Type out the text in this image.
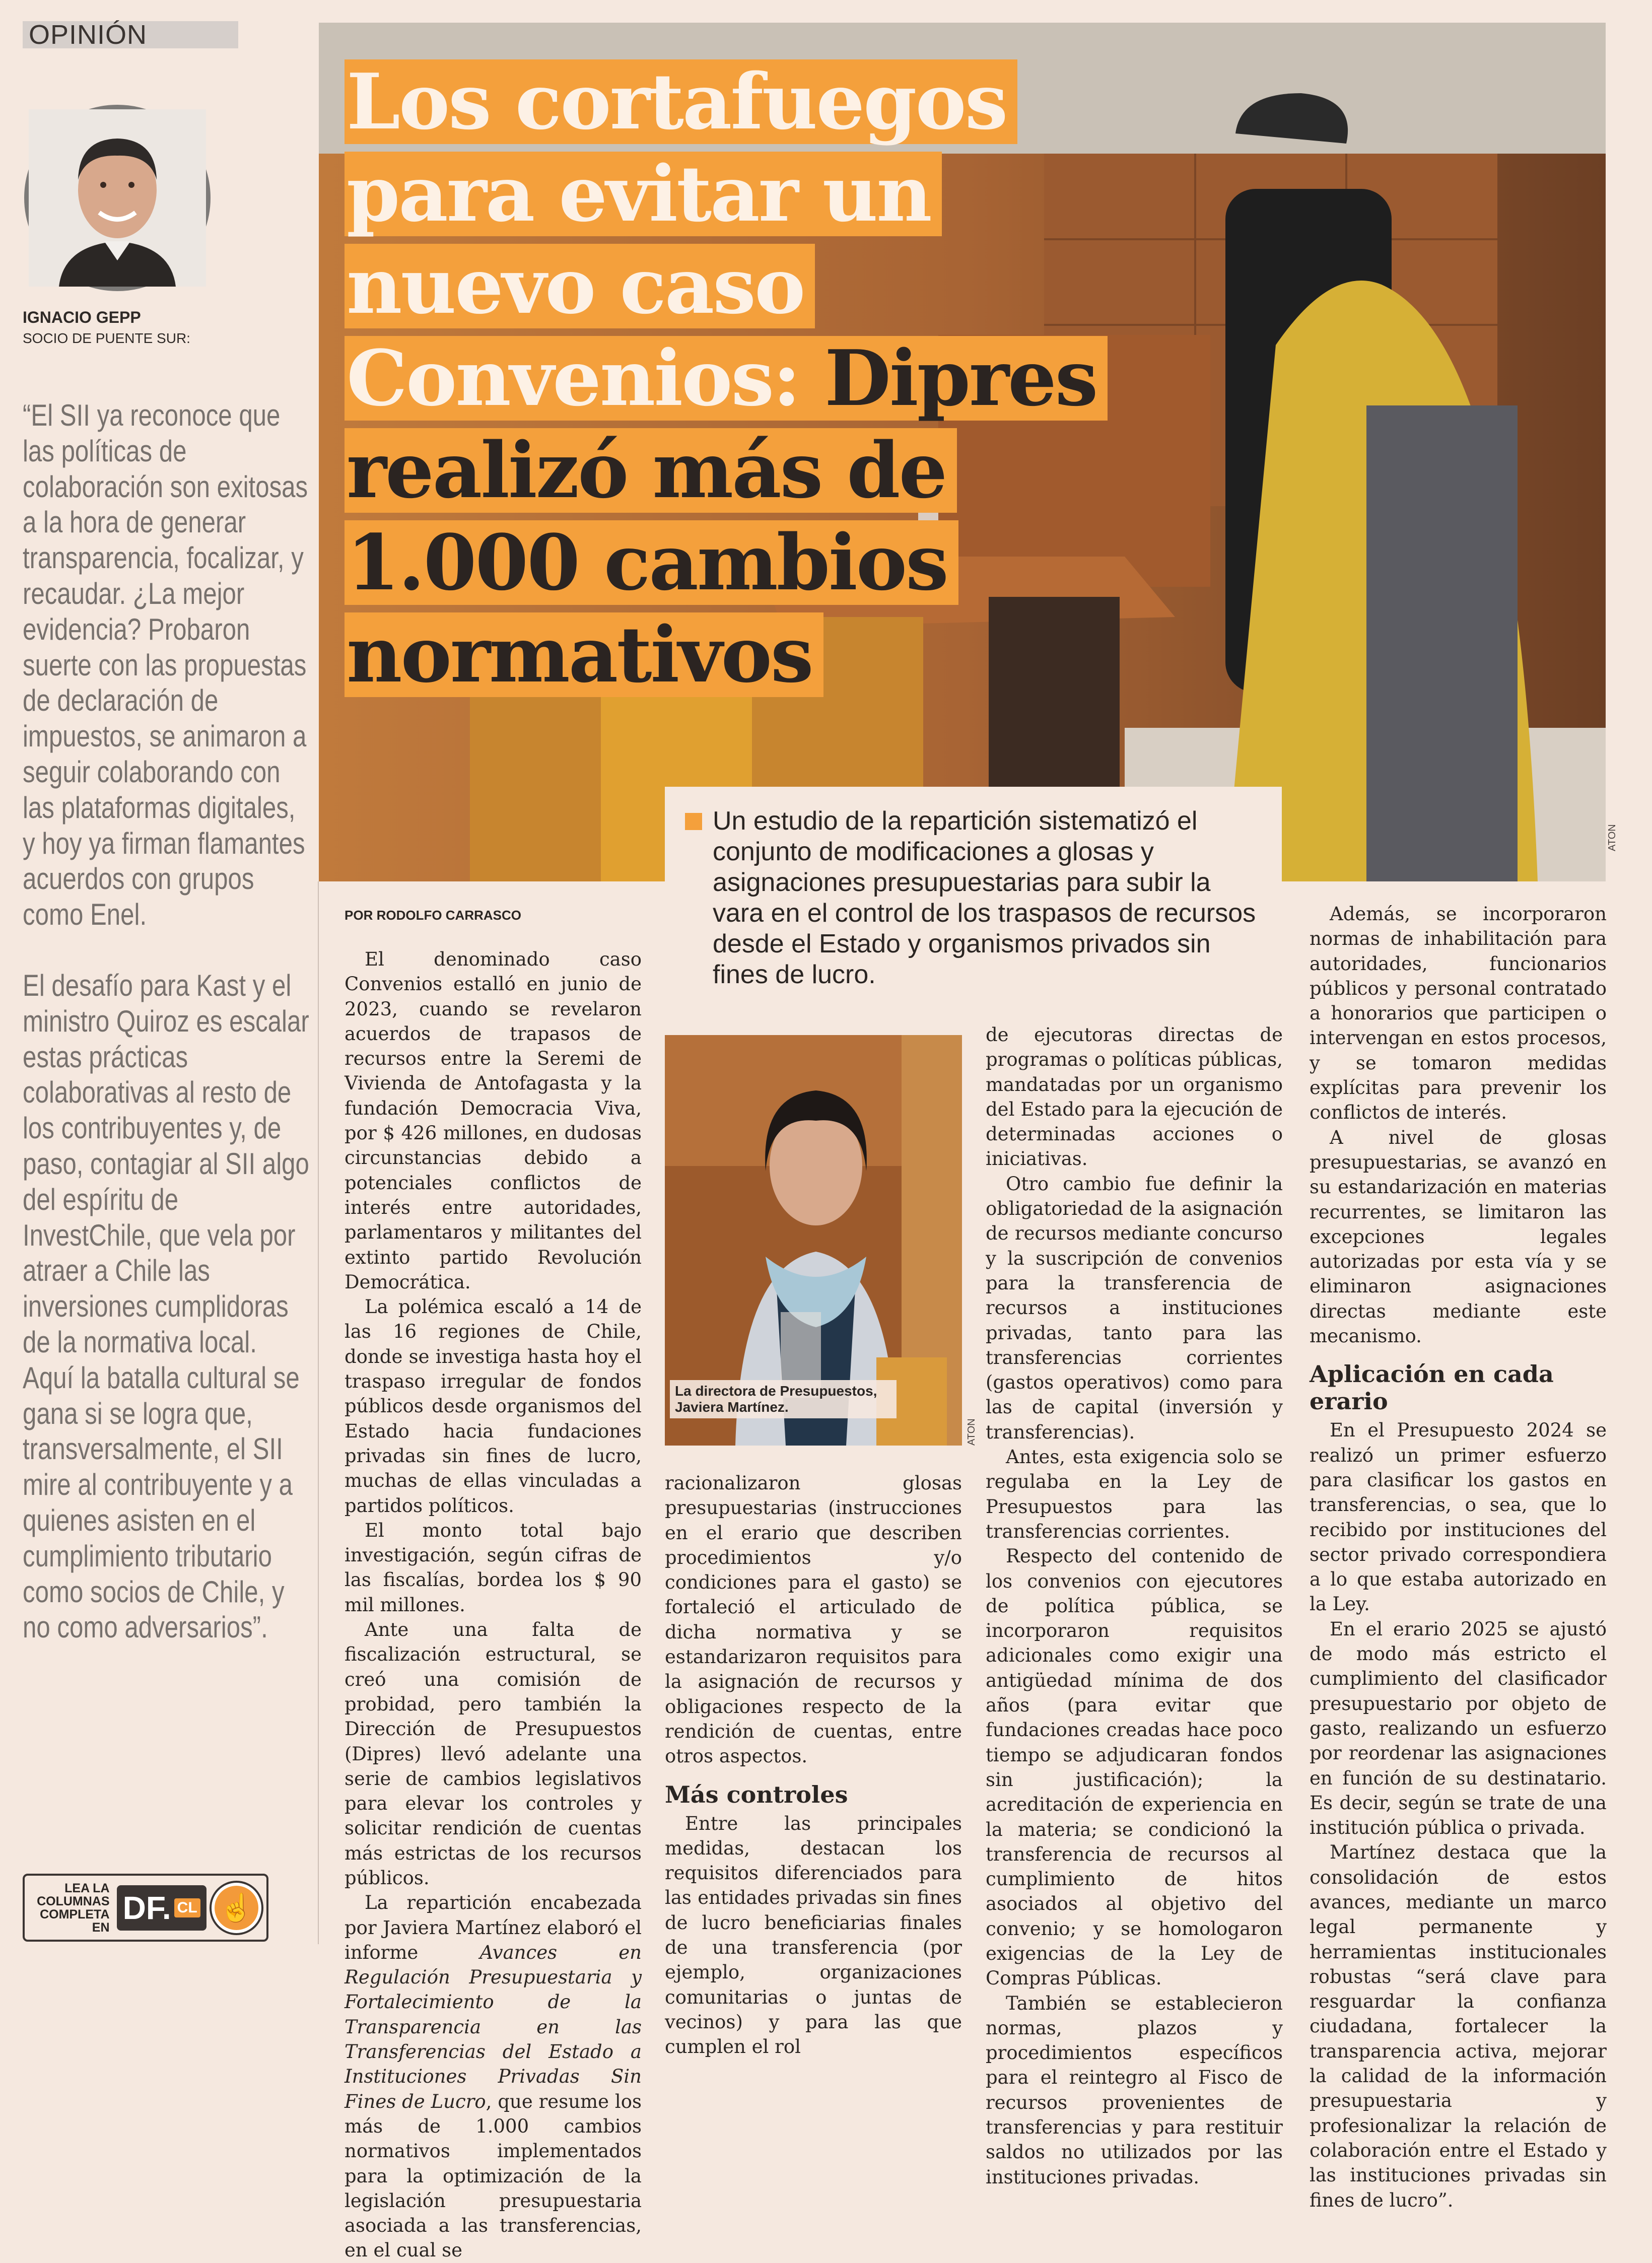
OPINIÓN
IGNACIO GEPP
SOCIO DE PUENTE SUR:

“El SII ya reconoce que las políticas de colaboración son exitosas a la hora de generar transparencia, focalizar, y recaudar. ¿La mejor evidencia? Probaron suerte con las propuestas de declaración de impuestos, se animaron a seguir colaborando con las plataformas digitales, y hoy ya firman flamantes acuerdos con grupos como Enel.

El desafío para Kast y el ministro Quiroz es escalar estas prácticas colaborativas al resto de los contribuyentes y, de paso, contagiar al SII algo del espíritu de InvestChile, que vela por atraer a Chile las inversiones cumplidoras de la normativa local. Aquí la batalla cultural se gana si se logra que, transversalmente, el SII mire al contribuyente y a quienes asisten en el cumplimiento tributario como socios de Chile, y no como adversarios”.

LEA LA
COLUMNAS
COMPLETA
EN
DF. CL ☝
Los cortafuegos
para evitar un
nuevo caso
Convenios: Dipres
realizó más de
1.000 cambios
normativos
ATON
Un estudio de la repartición sistematizó el conjunto de modificaciones a glosas y asignaciones presupuestarias para subir la vara en el control de los traspasos de recursos desde el Estado y organismos privados sin fines de lucro.
POR RODOLFO CARRASCO

El denominado caso Convenios estalló en junio de 2023, cuando se revelaron acuerdos de trapasos de recursos entre la Seremi de Vivienda de Antofagasta y la fundación Democracia Viva, por $ 426 millones, en dudosas circunstancias debido a potenciales conflictos de interés entre autoridades, parlamentaros y militantes del extinto partido Revolución Democrática.

La polémica escaló a 14 de las 16 regiones de Chile, donde se investiga hasta hoy el traspaso irregular de fondos públicos desde organismos del Estado hacia fundaciones privadas sin fines de lucro, muchas de ellas vinculadas a partidos políticos.

El monto total bajo investigación, según cifras de las fiscalías, bordea los $ 90 mil millones.

Ante una falta de fiscalización estructural, se creó una comisión de probidad, pero también la Dirección de Presupuestos (Dipres) llevó adelante una serie de cambios legislativos para elevar los controles y solicitar rendición de cuentas más estrictas de los recursos públicos.

La repartición encabezada por Javiera Martínez elaboró el informe	Avances en Regulación Presupuestaria y Fortalecimiento de la Transparencia en las Transferencias del Estado a Instituciones Privadas Sin Fines de Lucro, que resume los más de 1.000 cambios normativos implementados para la optimización de la legislación presupuestaria asociada a las transferencias, en el cual se

La directora de Presupuestos, Javiera Martínez.
ATON

racionalizaron glosas presupuestarias (instrucciones en el erario que describen procedimientos y/o condiciones para el gasto) se fortaleció el articulado de dicha normativa y se estandarizaron requisitos para la asignación de recursos y obligaciones respecto de la rendición de cuentas, entre otros aspectos.

Más controles

Entre las principales medidas, destacan los requisitos diferenciados para las entidades privadas sin fines de lucro beneficiarias finales de una transferencia (por ejemplo, organizaciones comunitarias o juntas de vecinos) y para las que cumplen el rol

de ejecutoras directas de programas o políticas públicas, mandatadas por un organismo del Estado para la ejecución de determinadas acciones o iniciativas.

Otro cambio fue definir la obligatoriedad de la asignación de recursos mediante concurso y la suscripción de convenios para la transferencia de recursos a instituciones privadas, tanto para las transferencias corrientes (gastos operativos) como para las de capital (inversión y transferencias).

Antes, esta exigencia solo se regulaba en la Ley de Presupuestos para las transferencias corrientes.

Respecto del contenido de los convenios con ejecutores de política pública, se incorporaron requisitos adicionales como exigir una antigüedad mínima de dos años (para evitar que fundaciones creadas hace poco tiempo se adjudicaran fondos sin justificación); la acreditación de experiencia en la materia; se condicionó la transferencia de recursos al cumplimiento de hitos asociados al objetivo del convenio; y se homologaron exigencias de la Ley de Compras Públicas.

También se establecieron normas, plazos y procedimientos específicos para el reintegro al Fisco de recursos provenientes de transferencias y para restituir saldos no utilizados por las instituciones privadas.

Además, se incorporaron normas de inhabilitación para autoridades, funcionarios públicos y personal contratado a honorarios que participen o intervengan en estos procesos, y se tomaron medidas explícitas para prevenir los conflictos de interés.

A nivel de glosas presupuestarias, se avanzó en su estandarización en materias recurrentes, se limitaron las excepciones legales autorizadas por esta vía y se eliminaron asignaciones directas mediante este mecanismo.

Aplicación en cada erario

En el Presupuesto 2024 se realizó un primer esfuerzo para clasificar los gastos en transferencias, o sea, que lo recibido por instituciones del sector privado correspondiera a lo que estaba autorizado en la Ley.

En el erario 2025 se ajustó de modo más estricto el cumplimiento del clasificador presupuestario por objeto de gasto, realizando un esfuerzo por reordenar las asignaciones en función de su destinatario. Es decir, según se trate de una institución pública o privada.

Martínez destaca que la consolidación de estos avances, mediante un marco legal permanente y herramientas institucionales robustas “será clave para resguardar la confianza ciudadana, fortalecer la transparencia activa, mejorar la calidad de la información presupuestaria y profesionalizar la relación de colaboración entre el Estado y las instituciones privadas sin fines de lucro”.
